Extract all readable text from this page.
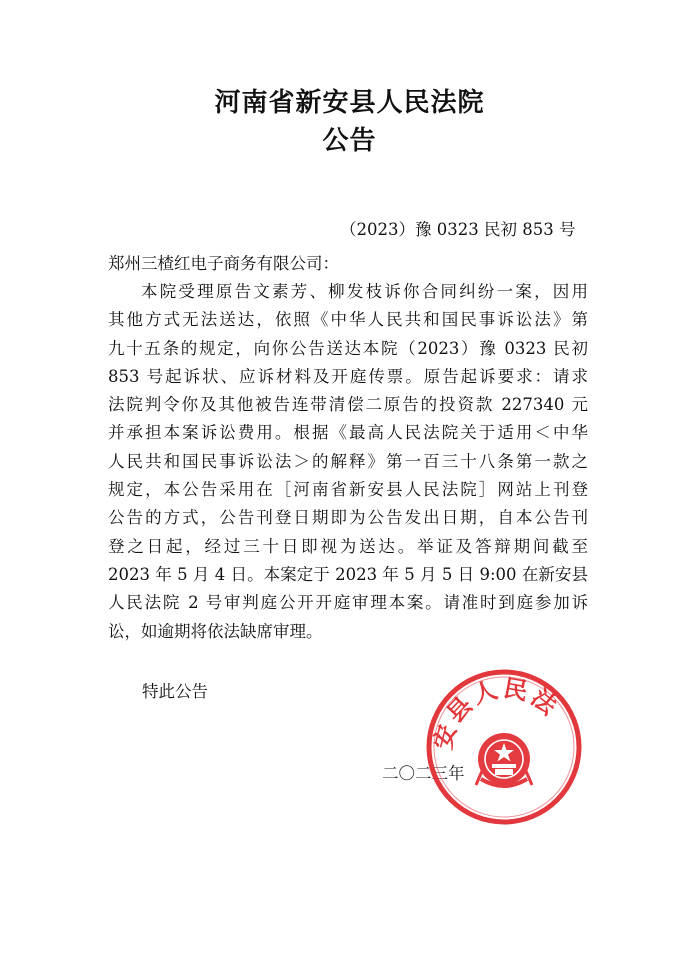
河南省新安县人民法院
公告
（2023）豫 0323 民初 853 号
郑州三楂红电子商务有限公司：
本院受理原告文素芳、柳发枝诉你合同纠纷一案，因用
其他方式无法送达，依照《中华人民共和国民事诉讼法》第
九十五条的规定，向你公告送达本院（2023）豫 0323 民初
853 号起诉状、应诉材料及开庭传票。原告起诉要求：请求
法院判令你及其他被告连带清偿二原告的投资款 227340 元
并承担本案诉讼费用。根据《最高人民法院关于适用＜中华
人民共和国民事诉讼法＞的解释》第一百三十八条第一款之
规定，本公告采用在［河南省新安县人民法院］网站上刊登
公告的方式，公告刊登日期即为公告发出日期，自本公告刊
登之日起，经过三十日即视为送达。举证及答辩期间截至
2023 年 5 月 4 日。本案定于 2023 年 5 月 5 日 9:00 在新安县
人民法院 2 号审判庭公开开庭审理本案。请准时到庭参加诉
讼，如逾期将依法缺席审理。
特此公告
二〇二三年
安县人民法
